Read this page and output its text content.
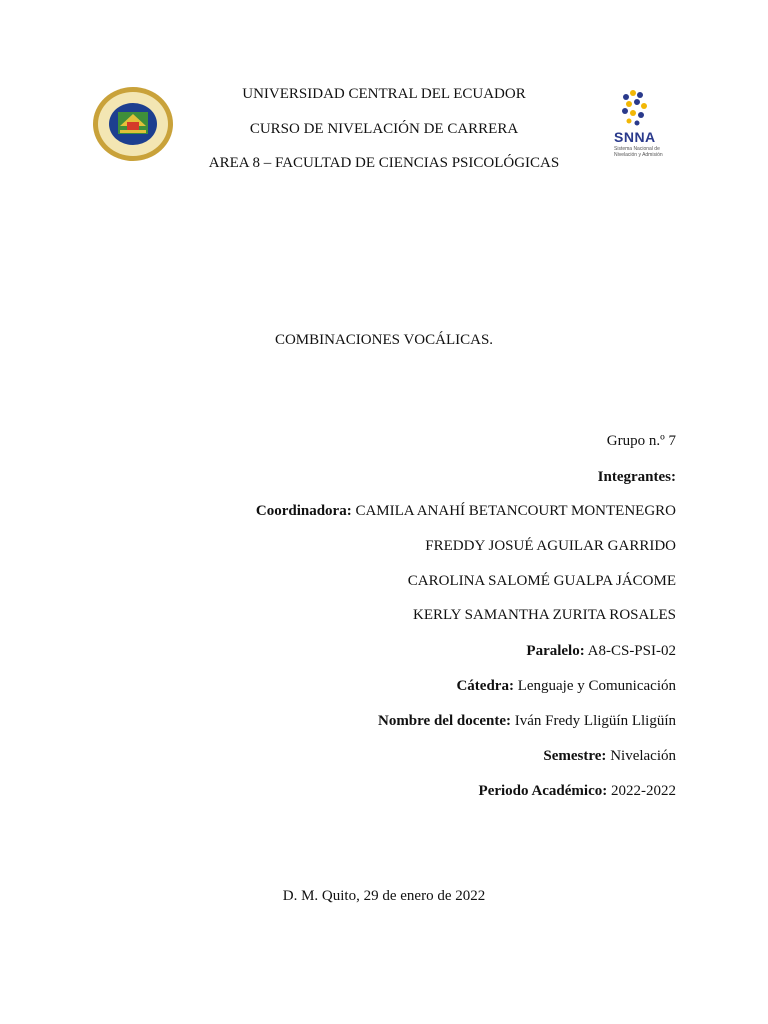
SNNA
Sistema Nacional de Nivelación y Admisión
UNIVERSIDAD CENTRAL DEL ECUADOR
CURSO DE NIVELACIÓN DE CARRERA
AREA 8 – FACULTAD DE CIENCIAS PSICOLÓGICAS
COMBINACIONES VOCÁLICAS.
Grupo n.º 7
Integrantes:
Coordinadora: CAMILA ANAHÍ BETANCOURT MONTENEGRO
FREDDY JOSUÉ AGUILAR GARRIDO
CAROLINA SALOMÉ GUALPA JÁCOME
KERLY SAMANTHA ZURITA ROSALES
Paralelo: A8-CS-PSI-02
Cátedra: Lenguaje y Comunicación
Nombre del docente: Iván Fredy Lligüín Lligüín
Semestre: Nivelación
Periodo Académico: 2022-2022
D. M. Quito, 29 de enero de 2022
